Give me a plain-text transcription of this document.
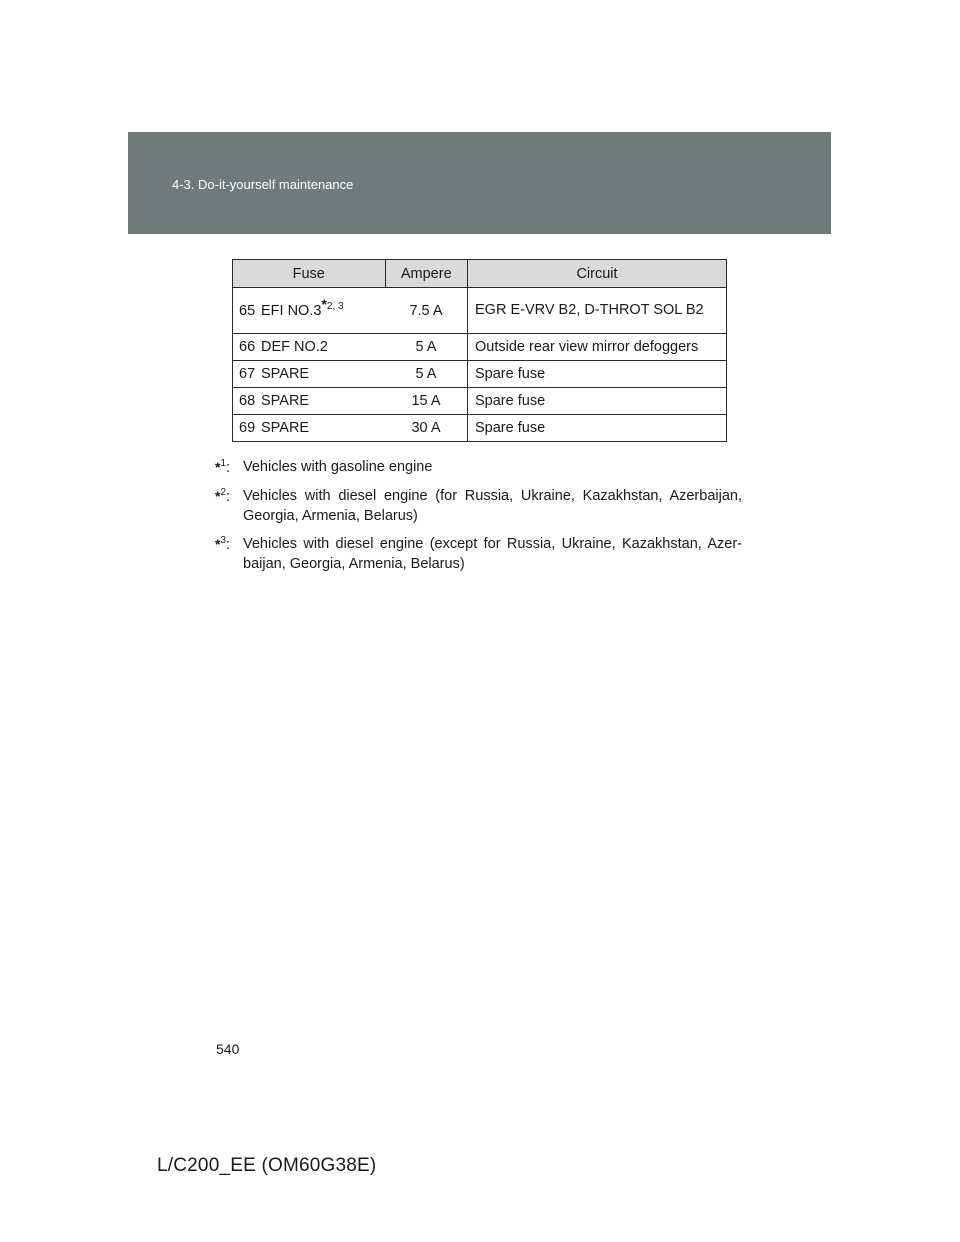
4-3. Do-it-yourself maintenance
Fuse		Ampere	Circuit
65	EFI NO.3$^{*2, 3}$	7.5 A	EGR E-VRV B2, D-THROT SOL B2
66	DEF NO.2	5 A	Outside rear view mirror defoggers
67	SPARE	5 A	Spare fuse
68	SPARE	15 A	Spare fuse
69	SPARE	30 A	Spare fuse
*$^1$: Vehicles with gasoline engine
*$^2$: Vehicles with diesel engine (for Russia, Ukraine, Kazakhstan, Azerbaijan, Georgia, Armenia, Belarus)
*$^3$: Vehicles with diesel engine (except for Russia, Ukraine, Kazakhstan, Azer-baijan, Georgia, Armenia, Belarus)
540
L/C200_EE (OM60G38E)
